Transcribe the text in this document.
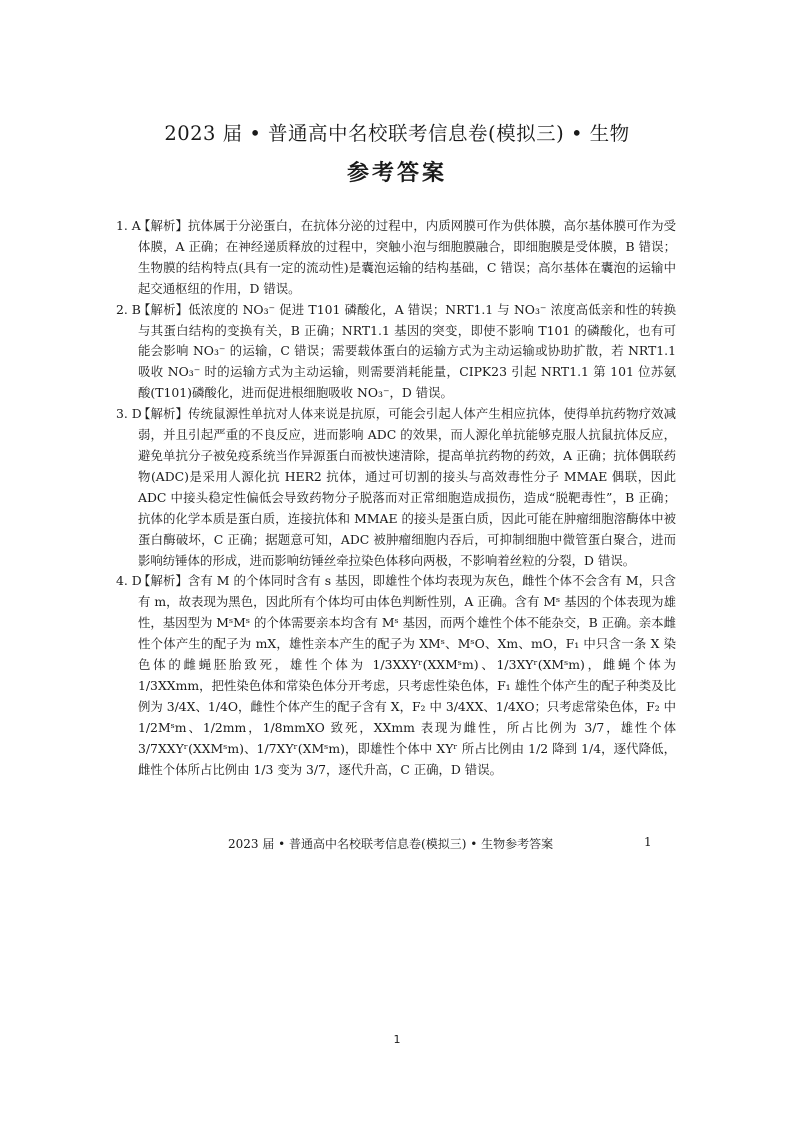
2023 届 • 普通高中名校联考信息卷(模拟三) • 生物
参考答案
1. A
【解析】抗体属于分泌蛋白，在抗体分泌的过程中，内质网膜可作为供体膜，高尔基体膜可作为受体膜，A 正确；在神经递质释放的过程中，突触小泡与细胞膜融合，即细胞膜是受体膜，B 错误；生物膜的结构特点(具有一定的流动性)是囊泡运输的结构基础，C 错误；高尔基体在囊泡的运输中起交通枢纽的作用，D 错误。
2. B
【解析】低浓度的 NO₃⁻ 促进 T101 磷酸化，A 错误；NRT1.1 与 NO₃⁻ 浓度高低亲和性的转换与其蛋白结构的变换有关，B 正确；NRT1.1 基因的突变，即使不影响 T101 的磷酸化，也有可能会影响 NO₃⁻ 的运输，C 错误；需要载体蛋白的运输方式为主动运输或协助扩散，若 NRT1.1 吸收 NO₃⁻ 时的运输方式为主动运输，则需要消耗能量，CIPK23 引起 NRT1.1 第 101 位苏氨酸(T101)磷酸化，进而促进根细胞吸收 NO₃⁻，D 错误。
3. D
【解析】传统鼠源性单抗对人体来说是抗原，可能会引起人体产生相应抗体，使得单抗药物疗效减弱，并且引起严重的不良反应，进而影响 ADC 的效果，而人源化单抗能够克服人抗鼠抗体反应，避免单抗分子被免疫系统当作异源蛋白而被快速清除，提高单抗药物的药效，A 正确；抗体偶联药物(ADC)是采用人源化抗 HER2 抗体，通过可切割的接头与高效毒性分子 MMAE 偶联，因此 ADC 中接头稳定性偏低会导致药物分子脱落而对正常细胞造成损伤，造成“脱靶毒性”，B 正确；抗体的化学本质是蛋白质，连接抗体和 MMAE 的接头是蛋白质，因此可能在肿瘤细胞溶酶体中被蛋白酶破坏，C 正确；据题意可知，ADC 被肿瘤细胞内吞后，可抑制细胞中微管蛋白聚合，进而影响纺锤体的形成，进而影响纺锤丝牵拉染色体移向两极，不影响着丝粒的分裂，D 错误。
4. D
【解析】含有 M 的个体同时含有 s 基因，即雄性个体均表现为灰色，雌性个体不会含有 M，只含有 m，故表现为黑色，因此所有个体均可由体色判断性别，A 正确。含有 Mˢ 基因的个体表现为雄性，基因型为 MˢMˢ 的个体需要亲本均含有 Mˢ 基因，而两个雄性个体不能杂交，B 正确。亲本雌性个体产生的配子为 mX，雄性亲本产生的配子为 XMˢ、MˢO、Xm、mO，F₁ 中只含一条 X 染色体的雌蝇胚胎致死，雄性个体为 1/3XXYʳ(XXMˢm)、1/3XYʳ(XMˢm)，雌蝇个体为 1/3XXmm，把性染色体和常染色体分开考虑，只考虑性染色体，F₁ 雄性个体产生的配子种类及比例为 3/4X、1/4O，雌性个体产生的配子含有 X，F₂ 中 3/4XX、1/4XO；只考虑常染色体，F₂ 中 1/2Mˢm、1/2mm，1/8mmXO 致死，XXmm 表现为雌性，所占比例为 3/7，雄性个体 3/7XXYʳ(XXMˢm)、1/7XYʳ(XMˢm)，即雄性个体中 XYʳ 所占比例由 1/2 降到 1/4，逐代降低，雌性个体所占比例由 1/3 变为 3/7，逐代升高，C 正确，D 错误。
2023 届 • 普通高中名校联考信息卷(模拟三) • 生物参考答案	1
1
